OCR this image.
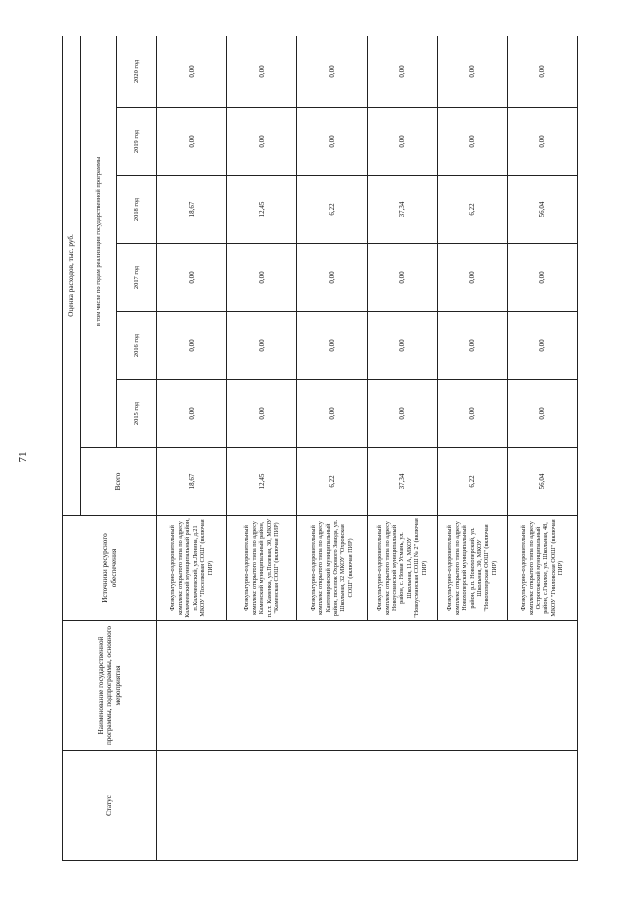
71
Статус	Наименование государственной программы, подпрограммы, основного мероприятия	Источники ресурсного обеспечения	Оценка расходов, тыс. руб.						
			Всего	в том числе по годам реализации государственной программы					
				2015 год	2016 год	2017 год	2018 год	2019 год	2020 год
		Физкультурно-оздоровительный комплекс открытого типа по адресу Калачеевский муниципальный район, п.Калачеевский, ул.Ленина, д.21 МКОУ "Поселковая СОШ" (включая ПИР)	18,67	0,00	0,00	0,00	18,67	0,00	0,00
		Физкультурно-оздоровительный комплекс открытого типа по адресу Каменский муниципальный район, п.г.т. Каменка, ул.Полевая, 30, МКОУ "Каменская СОШ" (включая ПИР)	12,45	0,00	0,00	0,00	12,45	0,00	0,00
		Физкультурно-оздоровительный комплекс открытого типа по адресу Кантемировский муниципальный район, поселок Охрового Завода, ул. Школьная, 32 МКОУ "Охровская СОШ" (включая ПИР)	6,22	0,00	0,00	0,00	6,22	0,00	0,00
		Физкультурно-оздоровительный комплекс открытого типа по адресу Новоусманский муниципальный район, с. Новая Усмань, ул. Школьная, 11А, МКОУ "Новоусманская СОШ № 2" (включая ПИР)	37,34	0,00	0,00	0,00	37,34	0,00	0,00
		Физкультурно-оздоровительный комплекс открытого типа по адресу Новохоперский муниципальный район, р.п. Новохоперский, ул. Школьная, 30, МКОУ "Новохоперская ООШ" (включая ПИР)	6,22	0,00	0,00	0,00	6,22	0,00	0,00
		Физкультурно-оздоровительный комплекс открытого типа по адресу Острогожский муниципальный район, с.Гнилое, ул. Школьная, 48, МКОУ "Гниловская ООШ" (включая ПИР)	56,04	0,00	0,00	0,00	56,04	0,00	0,00
